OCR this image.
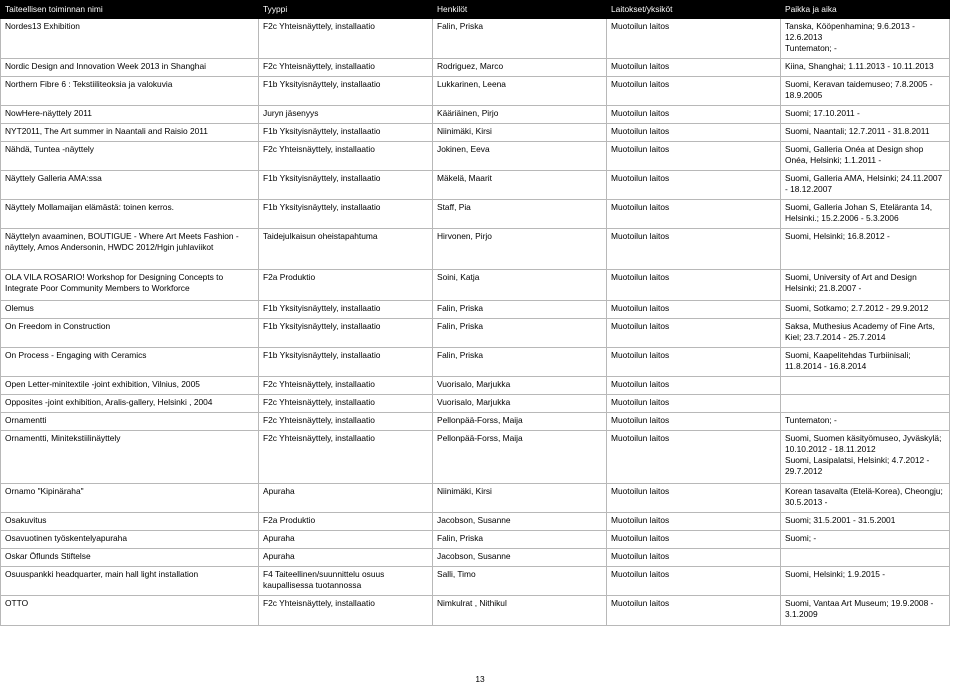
Taiteellisen toiminnan nimi	Tyyppi	Henkilöt	Laitokset/yksiköt	Paikka ja aika
Nordes13 Exhibition	F2c Yhteisnäyttely, installaatio	Falin, Priska	Muotoilun laitos	Tanska, Kööpenhamina; 9.6.2013 - 12.6.2013
Tuntematon; -
Nordic Design and Innovation Week 2013 in Shanghai	F2c Yhteisnäyttely, installaatio	Rodriguez, Marco	Muotoilun laitos	Kiina, Shanghai; 1.11.2013 - 10.11.2013
Northern Fibre 6 : Tekstiiliteoksia ja valokuvia	F1b Yksityisnäyttely, installaatio	Lukkarinen, Leena	Muotoilun laitos	Suomi, Keravan taidemuseo; 7.8.2005 - 18.9.2005
NowHere-näyttely 2011	Juryn jäsenyys	Kääriäinen, Pirjo	Muotoilun laitos	Suomi; 17.10.2011 -
NYT2011, The Art summer in Naantali and Raisio 2011	F1b Yksityisnäyttely, installaatio	Niinimäki, Kirsi	Muotoilun laitos	Suomi, Naantali; 12.7.2011 - 31.8.2011
Nähdä, Tuntea -näyttely	F2c Yhteisnäyttely, installaatio	Jokinen, Eeva	Muotoilun laitos	Suomi, Galleria Onéa at Design shop Onéa, Helsinki; 1.1.2011 -
Näyttely Galleria AMA:ssa	F1b Yksityisnäyttely, installaatio	Mäkelä, Maarit	Muotoilun laitos	Suomi, Galleria AMA, Helsinki; 24.11.2007 - 18.12.2007
Näyttely Mollamaijan elämästä: toinen kerros.	F1b Yksityisnäyttely, installaatio	Staff, Pia	Muotoilun laitos	Suomi, Galleria Johan S, Eteläranta 14, Helsinki.; 15.2.2006 - 5.3.2006
Näyttelyn avaaminen, BOUTIGUE - Where Art Meets Fashion -näyttely, Amos Andersonin, HWDC 2012/Hgin juhlaviikot	Taidejulkaisun oheistapahtuma	Hirvonen, Pirjo	Muotoilun laitos	Suomi, Helsinki; 16.8.2012 -
OLA VILA ROSARIO! Workshop for Designing Concepts to Integrate Poor Community Members to Workforce	F2a Produktio	Soini, Katja	Muotoilun laitos	Suomi, University of Art and Design Helsinki; 21.8.2007 -
Olemus	F1b Yksityisnäyttely, installaatio	Falin, Priska	Muotoilun laitos	Suomi, Sotkamo; 2.7.2012 - 29.9.2012
On Freedom in Construction	F1b Yksityisnäyttely, installaatio	Falin, Priska	Muotoilun laitos	Saksa, Muthesius Academy of Fine Arts, Kiel; 23.7.2014 - 25.7.2014
On Process - Engaging with Ceramics	F1b Yksityisnäyttely, installaatio	Falin, Priska	Muotoilun laitos	Suomi, Kaapelitehdas Turbiinisali; 11.8.2014 - 16.8.2014
Open Letter-minitextile -joint exhibition, Vilnius, 2005	F2c Yhteisnäyttely, installaatio	Vuorisalo, Marjukka	Muotoilun laitos	
Opposites -joint exhibition, Aralis-gallery, Helsinki , 2004	F2c Yhteisnäyttely, installaatio	Vuorisalo, Marjukka	Muotoilun laitos	
Ornamentti	F2c Yhteisnäyttely, installaatio	Pellonpää-Forss, Maija	Muotoilun laitos	Tuntematon; -
Ornamentti, Minitekstiilinäyttely	F2c Yhteisnäyttely, installaatio	Pellonpää-Forss, Maija	Muotoilun laitos	Suomi, Suomen käsityömuseo, Jyväskylä; 10.10.2012 - 18.11.2012
Suomi, Lasipalatsi, Helsinki; 4.7.2012 - 29.7.2012
Ornamo "Kipinäraha"	Apuraha	Niinimäki, Kirsi	Muotoilun laitos	Korean tasavalta (Etelä-Korea), Cheongju; 30.5.2013 -
Osakuvitus	F2a Produktio	Jacobson, Susanne	Muotoilun laitos	Suomi; 31.5.2001 - 31.5.2001
Osavuotinen työskentelyapuraha	Apuraha	Falin, Priska	Muotoilun laitos	Suomi; -
Oskar Öflunds Stiftelse	Apuraha	Jacobson, Susanne	Muotoilun laitos	
Osuuspankki headquarter, main hall light installation	F4 Taiteellinen/suunnittelu osuus kaupallisessa tuotannossa	Salli, Timo	Muotoilun laitos	Suomi, Helsinki; 1.9.2015 -
OTTO	F2c Yhteisnäyttely, installaatio	Nimkulrat , Nithikul	Muotoilun laitos	Suomi, Vantaa Art Museum; 19.9.2008 - 3.1.2009
13
